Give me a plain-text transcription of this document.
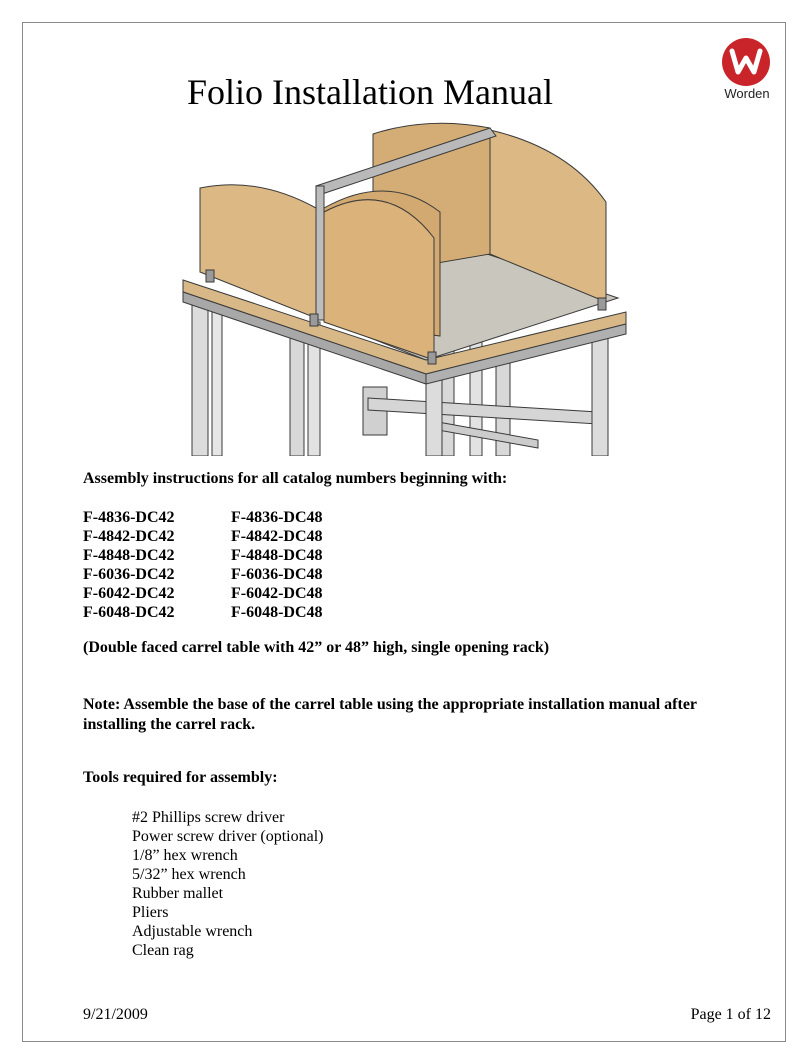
Folio Installation Manual	Worden
Assembly instructions for all catalog numbers beginning with:
F-4836-DC42	F-4836-DC48
F-4842-DC42	F-4842-DC48
F-4848-DC42	F-4848-DC48
F-6036-DC42	F-6036-DC48
F-6042-DC42	F-6042-DC48
F-6048-DC42	F-6048-DC48
(Double faced carrel table with 42” or 48” high, single opening rack)
Note: Assemble the base of the carrel table using the appropriate installation manual after installing the carrel rack.
Tools required for assembly:
#2 Phillips screw driver
Power screw driver (optional)
1/8” hex wrench
5/32” hex wrench
Rubber mallet
Pliers
Adjustable wrench
Clean rag
9/21/2009	Page 1 of 12
